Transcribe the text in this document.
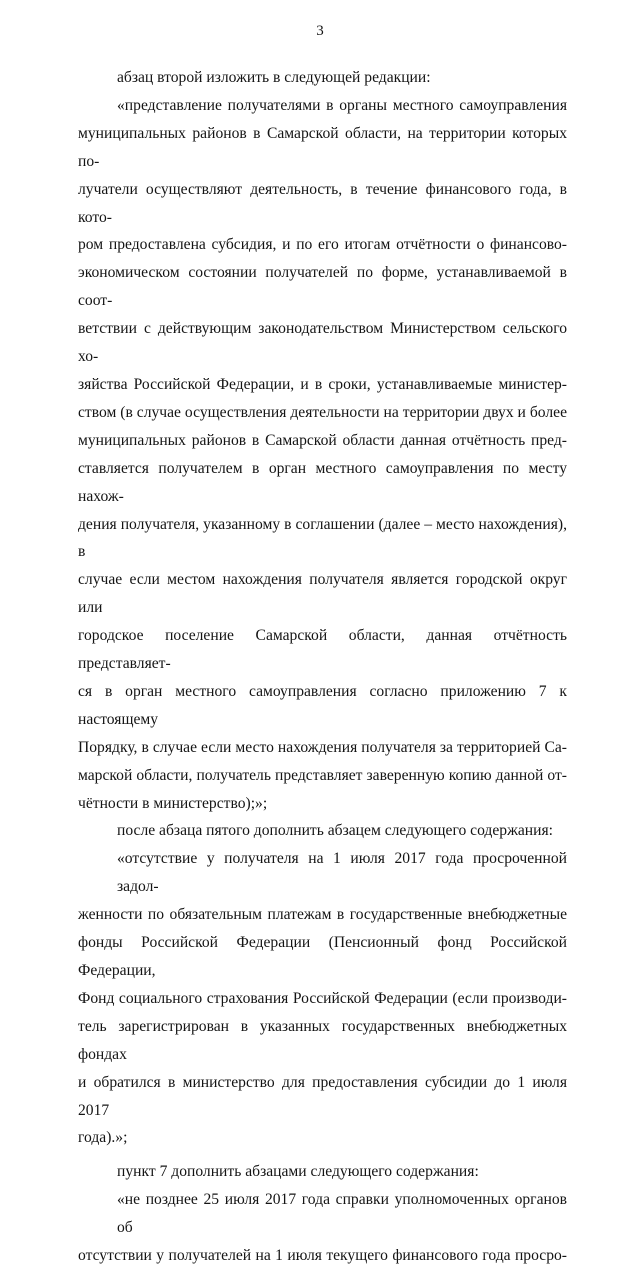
3
абзац второй изложить в следующей редакции:
«представление получателями в органы местного самоуправления
муниципальных районов в Самарской области, на территории которых по-
лучатели осуществляют деятельность, в течение финансового года, в кото-
ром предоставлена субсидия, и по его итогам отчётности о финансово-
экономическом состоянии получателей по форме, устанавливаемой в соот-
ветствии с действующим законодательством Министерством сельского хо-
зяйства Российской Федерации, и в сроки, устанавливаемые министер-
ством (в случае осуществления деятельности на территории двух и более
муниципальных районов в Самарской области данная отчётность пред-
ставляется получателем в орган местного самоуправления по месту нахож-
дения получателя, указанному в соглашении (далее – место нахождения), в
случае если местом нахождения получателя является городской округ или
городское поселение Самарской области, данная отчётность представляет-
ся в орган местного самоуправления согласно приложению 7 к настоящему
Порядку, в случае если место нахождения получателя за территорией Са-
марской области, получатель представляет заверенную копию данной от-
чётности в министерство);»;
после абзаца пятого дополнить абзацем следующего содержания:
«отсутствие у получателя на 1 июля 2017 года просроченной задол-
женности по обязательным платежам в государственные внебюджетные
фонды Российской Федерации (Пенсионный фонд Российской Федерации,
Фонд социального страхования Российской Федерации (если производи-
тель зарегистрирован в указанных государственных внебюджетных фондах
и обратился в министерство для предоставления субсидии до 1 июля 2017
года).»;
пункт 7 дополнить абзацами следующего содержания:
«не позднее 25 июля 2017 года справки уполномоченных органов об
отсутствии у получателей на 1 июля текущего финансового года просро-
